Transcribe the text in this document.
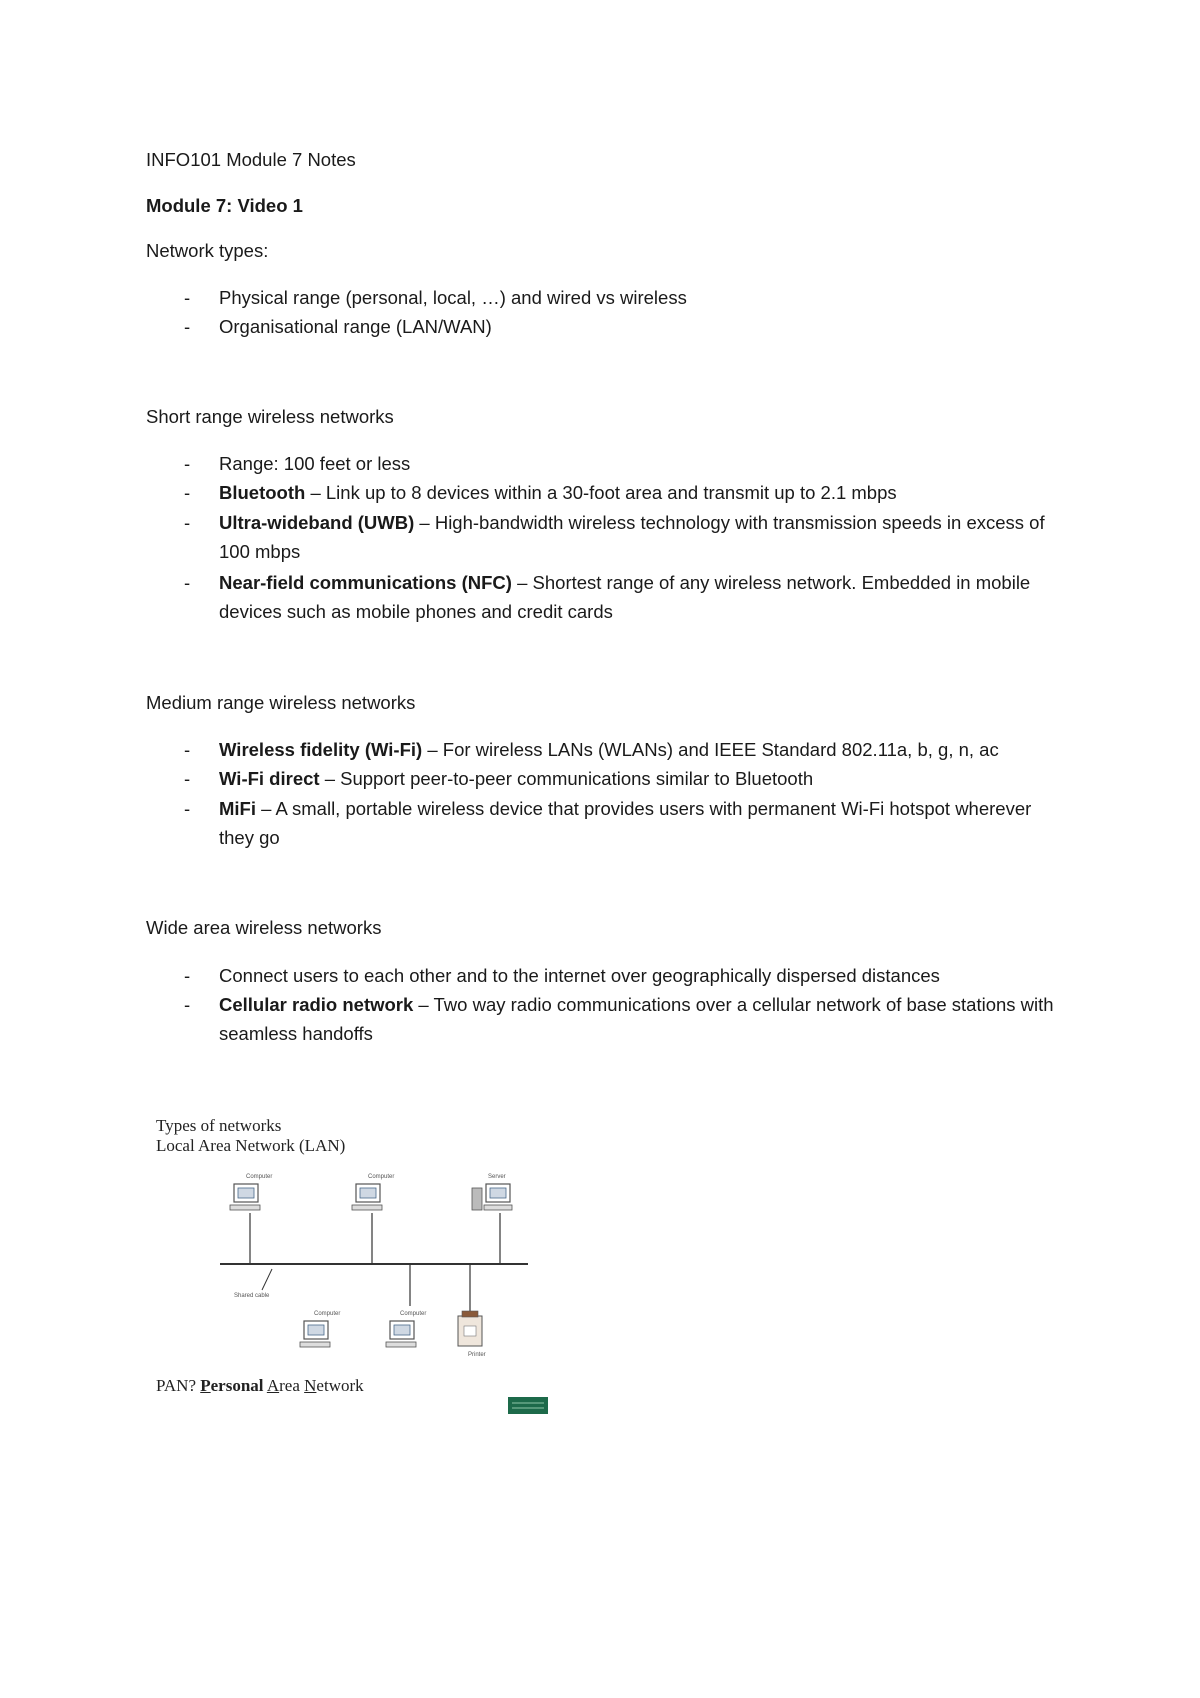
INFO101 Module 7 Notes
Module 7: Video 1
Network types:
- Physical range (personal, local, …) and wired vs wireless
- Organisational range (LAN/WAN)
Short range wireless networks
- Range: 100 feet or less
- Bluetooth – Link up to 8 devices within a 30-foot area and transmit up to 2.1 mbps
- Ultra-wideband (UWB) – High-bandwidth wireless technology with transmission speeds in excess of 100 mbps
- Near-field communications (NFC) – Shortest range of any wireless network. Embedded in mobile devices such as mobile phones and credit cards
Medium range wireless networks
- Wireless fidelity (Wi-Fi) – For wireless LANs (WLANs) and IEEE Standard 802.11a, b, g, n, ac
- Wi-Fi direct – Support peer-to-peer communications similar to Bluetooth
- MiFi – A small, portable wireless device that provides users with permanent Wi-Fi hotspot wherever they go
Wide area wireless networks
- Connect users to each other and to the internet over geographically dispersed distances
- Cellular radio network – Two way radio communications over a cellular network of base stations with seamless handoffs
Computer	Computer	Server
Computer	Computer
Printer
Shared cable
Types of networks
Local Area Network (LAN)
PAN? Personal Area Network
